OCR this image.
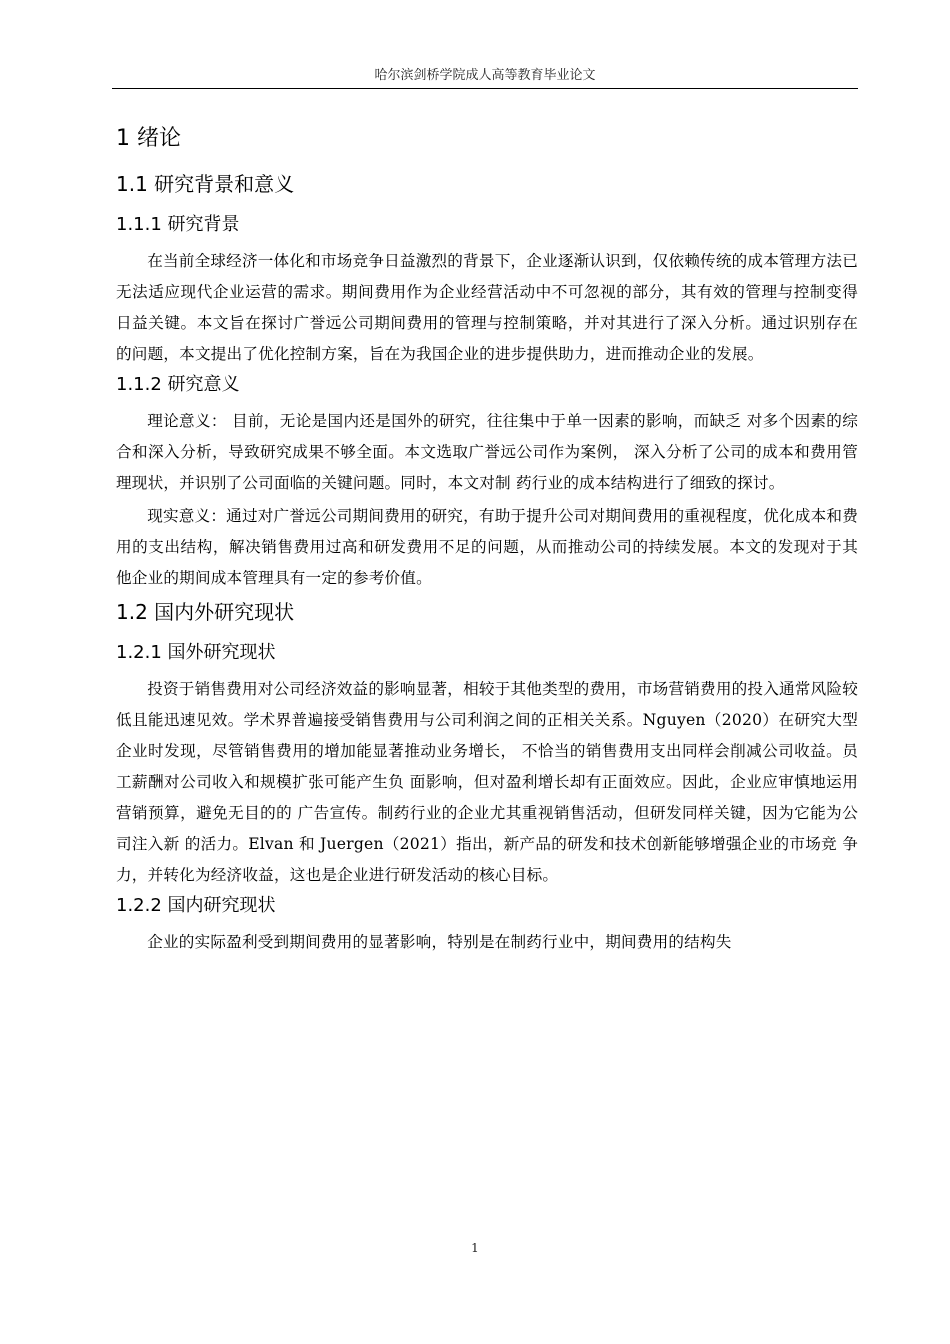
哈尔滨剑桥学院成人高等教育毕业论文
1 绪论
1.1 研究背景和意义
1.1.1 研究背景

在当前全球经济一体化和市场竞争日益激烈的背景下，企业逐渐认识到，仅依赖传统的成本管理方法已无法适应现代企业运营的需求。期间费用作为企业经营活动中不可忽视的部分，其有效的管理与控制变得日益关键。本文旨在探讨广誉远公司期间费用的管理与控制策略，并对其进行了深入分析。通过识别存在的问题，本文提出了优化控制方案，旨在为我国企业的进步提供助力，进而推动企业的发展。

1.1.2 研究意义

理论意义： 目前，无论是国内还是国外的研究，往往集中于单一因素的影响，而缺乏 对多个因素的综合和深入分析，导致研究成果不够全面。本文选取广誉远公司作为案例， 深入分析了公司的成本和费用管理现状，并识别了公司面临的关键问题。同时，本文对制 药行业的成本结构进行了细致的探讨。

现实意义：通过对广誉远公司期间费用的研究，有助于提升公司对期间费用的重视程度，优化成本和费用的支出结构，解决销售费用过高和研发费用不足的问题，从而推动公司的持续发展。本文的发现对于其他企业的期间成本管理具有一定的参考价值。

1.2 国内外研究现状
1.2.1 国外研究现状

投资于销售费用对公司经济效益的影响显著，相较于其他类型的费用，市场营销费用的投入通常风险较低且能迅速见效。学术界普遍接受销售费用与公司利润之间的正相关关系。Nguyen（2020）在研究大型企业时发现，尽管销售费用的增加能显著推动业务增长， 不恰当的销售费用支出同样会削减公司收益。员工薪酬对公司收入和规模扩张可能产生负 面影响，但对盈利增长却有正面效应。因此，企业应审慎地运用营销预算，避免无目的的 广告宣传。制药行业的企业尤其重视销售活动，但研发同样关键，因为它能为公司注入新 的活力。Elvan 和 Juergen（2021）指出，新产品的研发和技术创新能够增强企业的市场竞 争力，并转化为经济收益，这也是企业进行研发活动的核心目标。

1.2.2 国内研究现状

企业的实际盈利受到期间费用的显著影响，特别是在制药行业中，期间费用的结构失

1
